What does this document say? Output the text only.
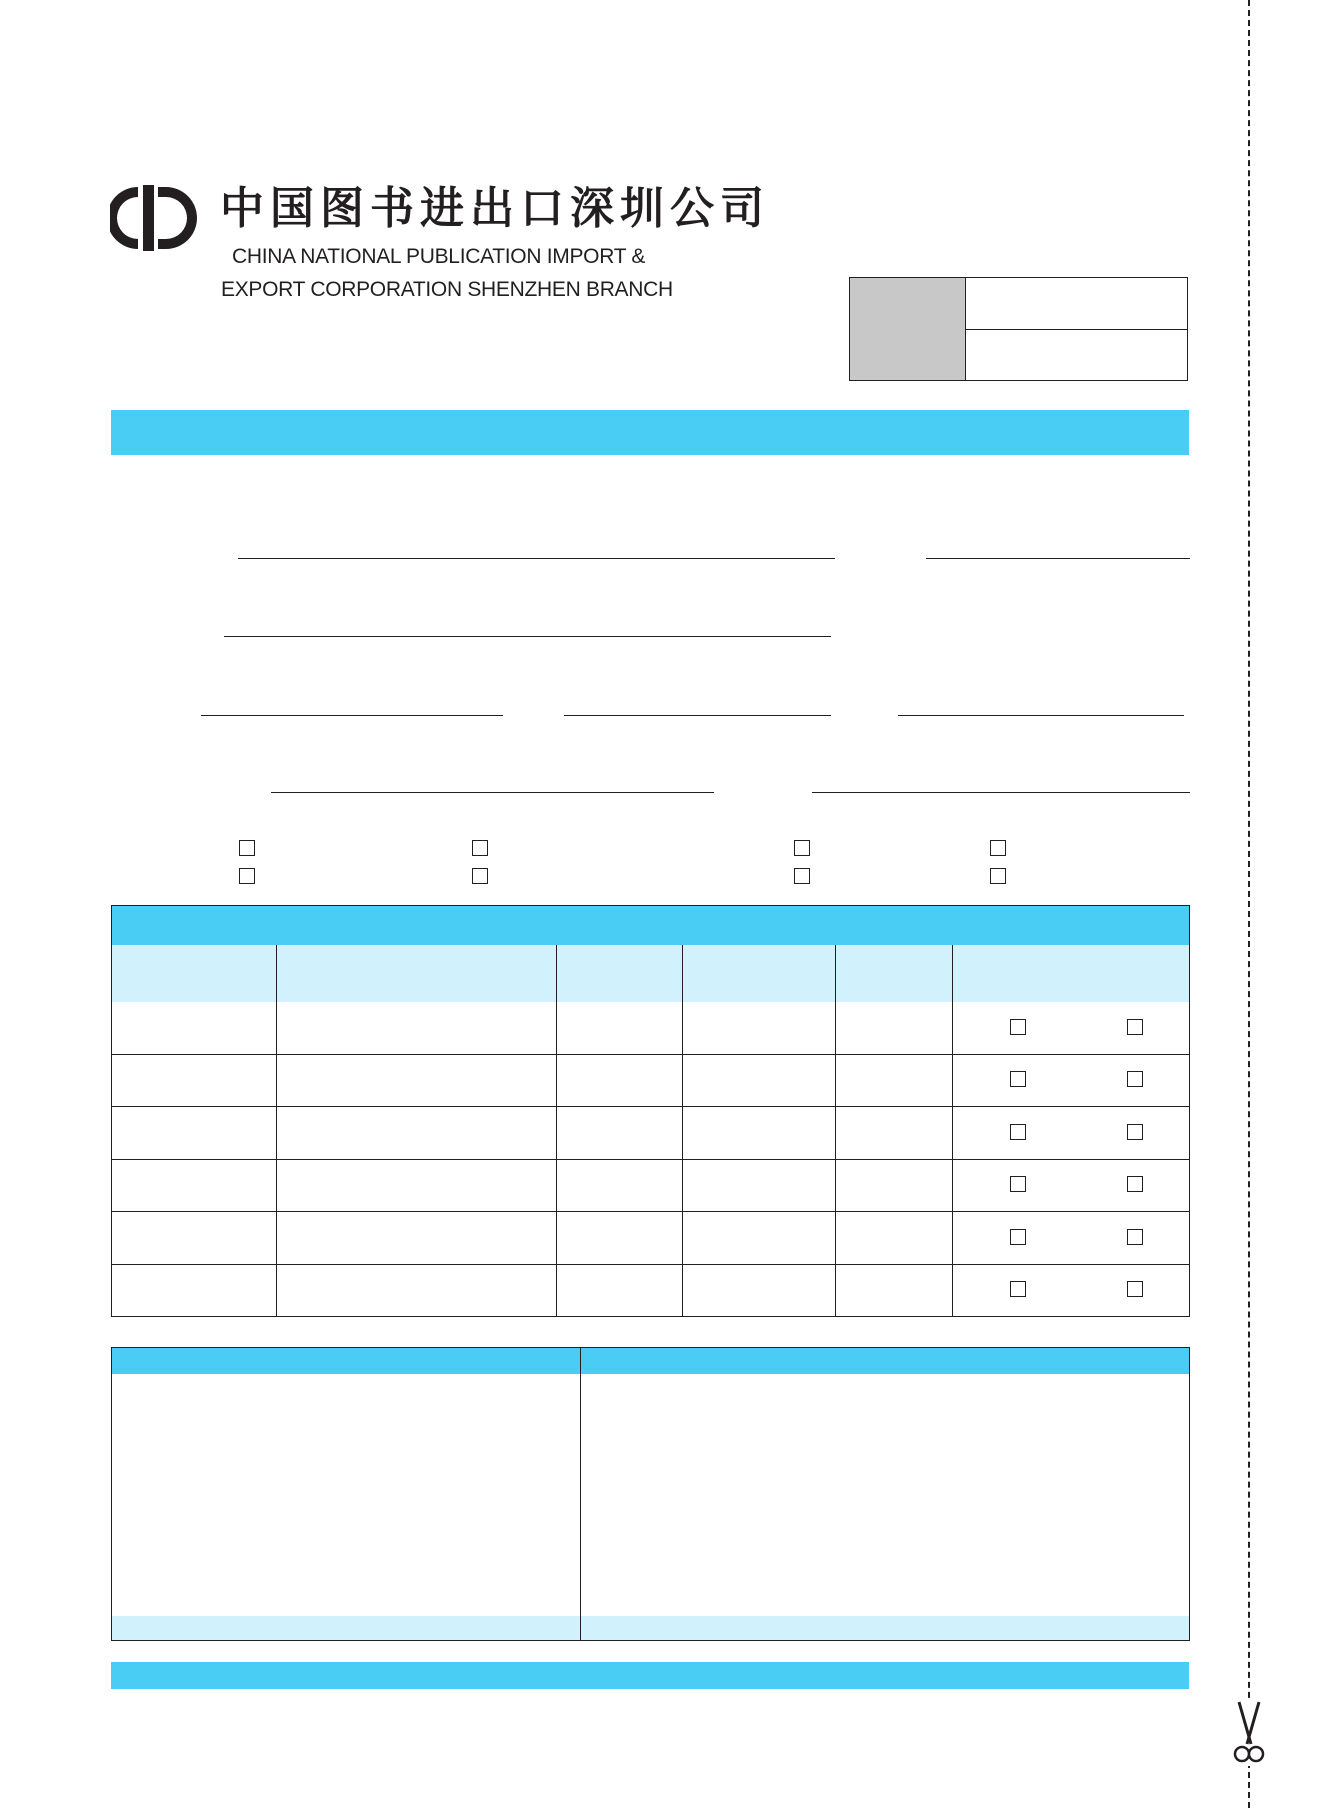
中国图书进出口深圳公司
CHINA NATIONAL PUBLICATION IMPORT &
EXPORT CORPORATION SHENZHEN BRANCH
